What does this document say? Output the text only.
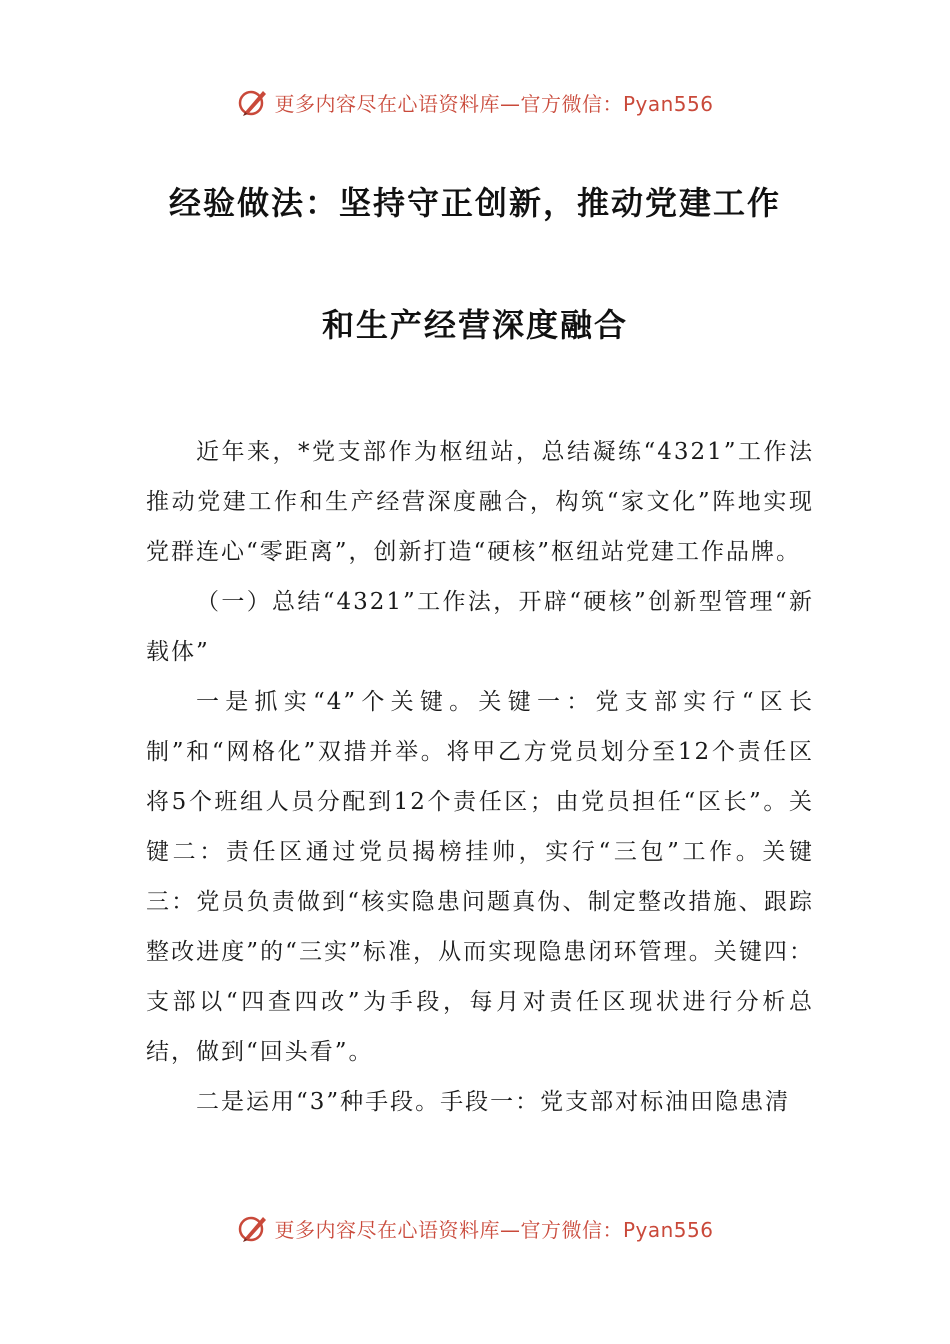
更多内容尽在心语资料库—官方微信：Pyan556
经验做法：坚持守正创新，推动党建工作
和生产经营深度融合

近年来，*党支部作为枢纽站，总结凝练“4321”工作法推动党建工作和生产经营深度融合，构筑“家文化”阵地实现党群连心“零距离”，创新打造“硬核”枢纽站党建工作品牌。

（一）总结“4321”工作法，开辟“硬核”创新型管理“新载体”

一是抓实“4”个关键。关键一：党支部实行“区长制”和“网格化”双措并举。将甲乙方党员划分至12个责任区将5个班组人员分配到12个责任区；由党员担任“区长”。关键二：责任区通过党员揭榜挂帅，实行“三包”工作。关键三：党员负责做到“核实隐患问题真伪、制定整改措施、跟踪整改进度”的“三实”标准，从而实现隐患闭环管理。关键四：支部以“四查四改”为手段，每月对责任区现状进行分析总结，做到“回头看”。

二是运用“3”种手段。手段一：党支部对标油田隐患清

更多内容尽在心语资料库—官方微信：Pyan556
